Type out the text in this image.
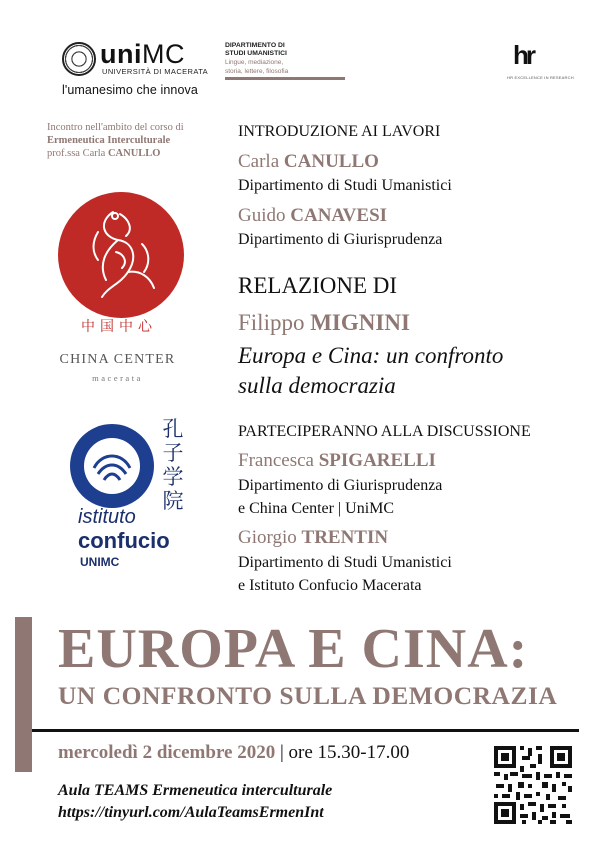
uniMC
UNIVERSITÀ DI MACERATA
l'umanesimo che innova
DIPARTIMENTO DI
STUDI UMANISTICI
Lingue, mediazione,
storia, lettere, filosofia
hr
HR EXCELLENCE IN RESEARCH
Incontro nell'ambito del corso di
Ermeneutica Interculturale
prof.ssa Carla CANULLO
中国中心
CHINA CENTER
macerata
孔子学院
istituto
confucio
UNIMC
INTRODUZIONE AI LAVORI
Carla CANULLO
Dipartimento di Studi Umanistici
Guido CANAVESI
Dipartimento di Giurisprudenza
RELAZIONE DI
Filippo MIGNINI
Europa e Cina: un confronto
sulla democrazia
PARTECIPERANNO ALLA DISCUSSIONE
Francesca SPIGARELLI
Dipartimento di Giurisprudenza
e China Center | UniMC
Giorgio TRENTIN
Dipartimento di Studi Umanistici
e Istituto Confucio Macerata
EUROPA E CINA:
UN CONFRONTO SULLA DEMOCRAZIA
mercoledì 2 dicembre 2020 | ore 15.30-17.00
Aula TEAMS Ermeneutica interculturale
https://tinyurl.com/AulaTeamsErmenInt
